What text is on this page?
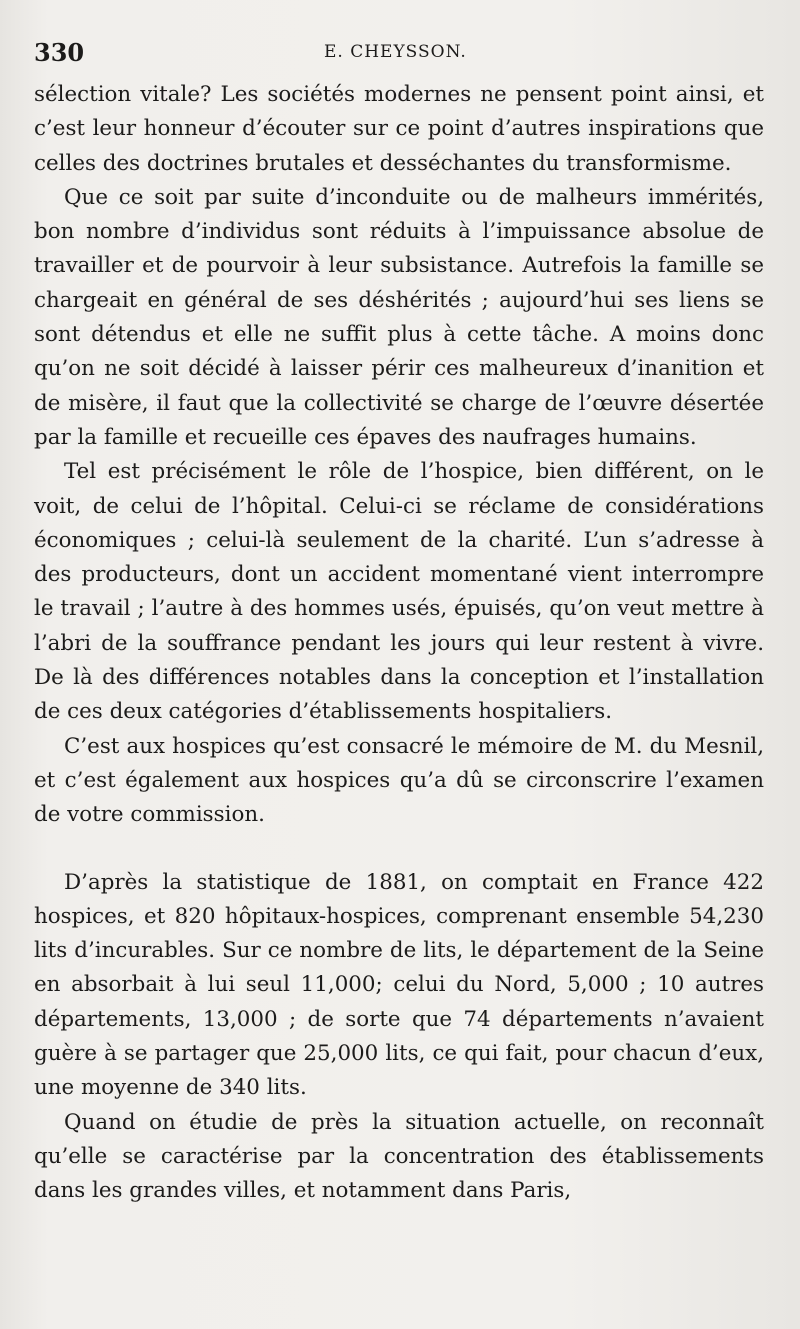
330	E. CHEYSSON.

sélection vitale? Les sociétés modernes ne pensent point ainsi, et c’est leur honneur d’écouter sur ce point d’autres inspirations que celles des doctrines brutales et desséchantes du transformisme.

Que ce soit par suite d’inconduite ou de malheurs immérités, bon nombre d’individus sont réduits à l’impuissance absolue de travailler et de pourvoir à leur subsistance. Autrefois la famille se chargeait en général de ses déshérités ; aujourd’hui ses liens se sont détendus et elle ne suffit plus à cette tâche. A moins donc qu’on ne soit décidé à laisser périr ces malheureux d’inanition et de misère, il faut que la collectivité se charge de l’œuvre désertée par la famille et recueille ces épaves des naufrages humains.

Tel est précisément le rôle de l’hospice, bien différent, on le voit, de celui de l’hôpital. Celui-ci se réclame de considérations économiques ; celui-là seulement de la charité. L’un s’adresse à des producteurs, dont un accident momentané vient interrompre le travail ; l’autre à des hommes usés, épuisés, qu’on veut mettre à l’abri de la souffrance pendant les jours qui leur restent à vivre. De là des différences notables dans la conception et l’installation de ces deux catégories d’établissements hospitaliers.

C’est aux hospices qu’est consacré le mémoire de M. du Mesnil, et c’est également aux hospices qu’a dû se circonscrire l’examen de votre commission.

D’après la statistique de 1881, on comptait en France 422 hospices, et 820 hôpitaux-hospices, comprenant ensemble 54,230 lits d’incurables. Sur ce nombre de lits, le département de la Seine en absorbait à lui seul 11,000; celui du Nord, 5,000 ; 10 autres départements, 13,000 ; de sorte que 74 départements n’avaient guère à se partager que 25,000 lits, ce qui fait, pour chacun d’eux, une moyenne de 340 lits.

Quand on étudie de près la situation actuelle, on reconnaît qu’elle se caractérise par la concentration des établissements dans les grandes villes, et notamment dans Paris,
